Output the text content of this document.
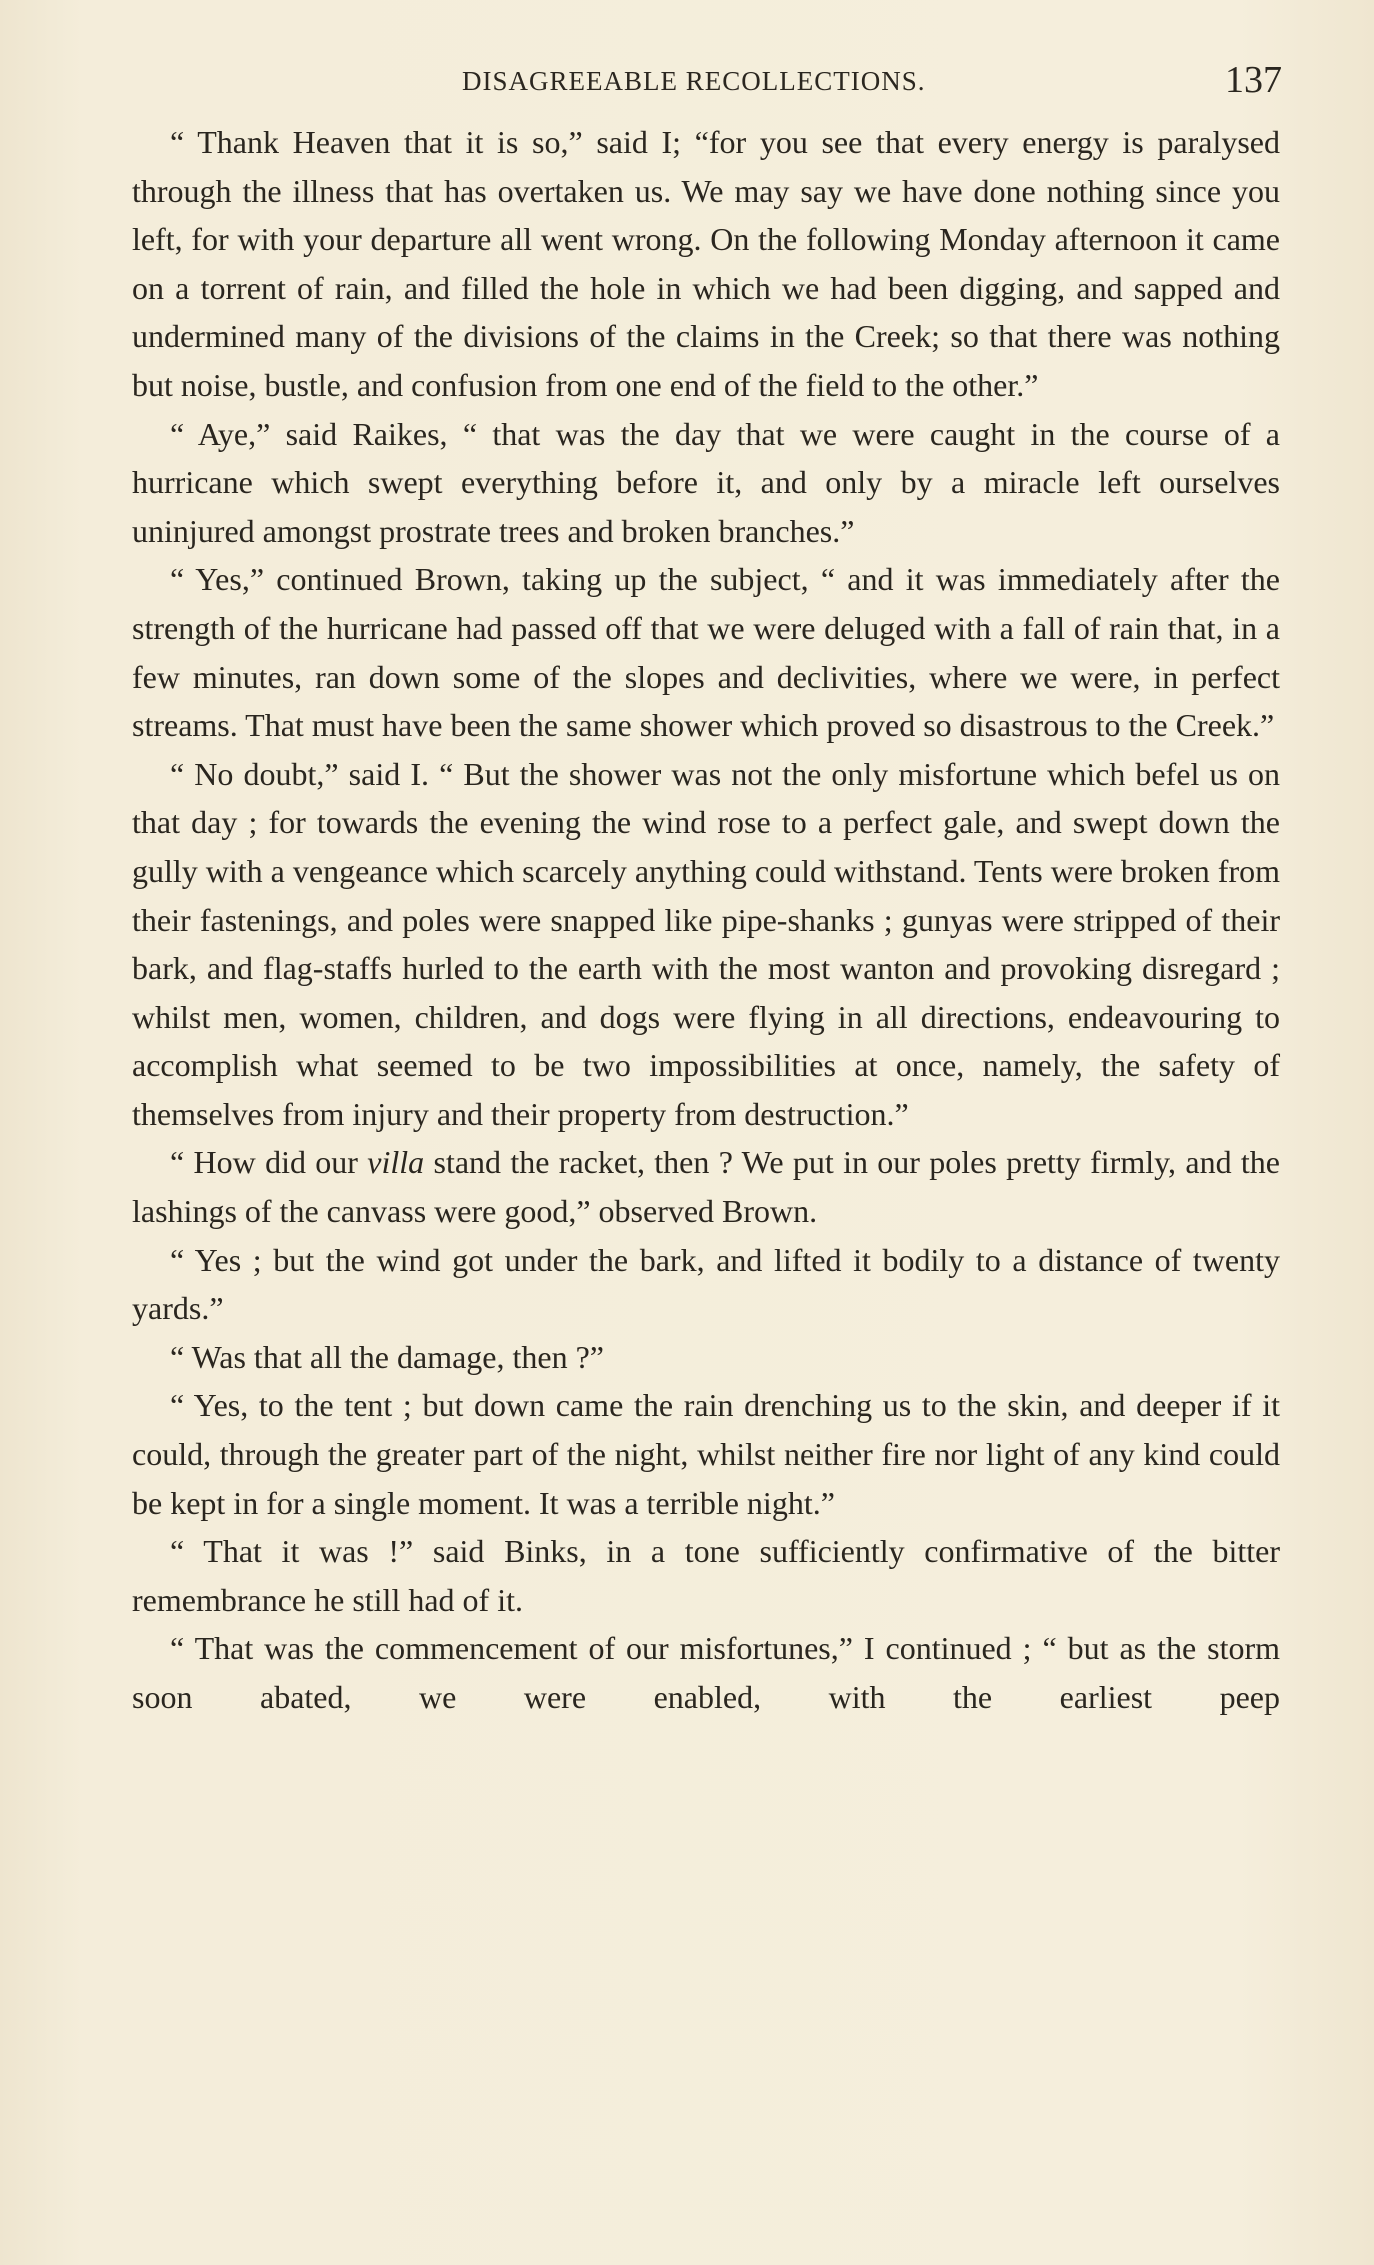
DISAGREEABLE RECOLLECTIONS.	137

“ Thank Heaven that it is so,” said I; “for you see that every energy is paralysed through the illness that has overtaken us. We may say we have done nothing since you left, for with your departure all went wrong. On the following Monday afternoon it came on a torrent of rain, and filled the hole in which we had been digging, and sapped and undermined many of the divisions of the claims in the Creek; so that there was nothing but noise, bustle, and confusion from one end of the field to the other.”

“ Aye,” said Raikes, “ that was the day that we were caught in the course of a hurricane which swept everything before it, and only by a miracle left ourselves uninjured amongst prostrate trees and broken branches.”

“ Yes,” continued Brown, taking up the subject, “ and it was immediately after the strength of the hurricane had passed off that we were deluged with a fall of rain that, in a few minutes, ran down some of the slopes and declivities, where we were, in perfect streams. That must have been the same shower which proved so disastrous to the Creek.”

“ No doubt,” said I. “ But the shower was not the only misfortune which befel us on that day ; for towards the evening the wind rose to a perfect gale, and swept down the gully with a vengeance which scarcely anything could withstand. Tents were broken from their fastenings, and poles were snapped like pipe-shanks ; gunyas were stripped of their bark, and flag-staffs hurled to the earth with the most wanton and provoking disregard ; whilst men, women, children, and dogs were flying in all directions, endeavouring to accomplish what seemed to be two impossibilities at once, namely, the safety of themselves from injury and their property from destruction.”

“ How did our villa stand the racket, then ? We put in our poles pretty firmly, and the lashings of the canvass were good,” observed Brown.

“ Yes ; but the wind got under the bark, and lifted it bodily to a distance of twenty yards.”

“ Was that all the damage, then ?”

“ Yes, to the tent ; but down came the rain drenching us to the skin, and deeper if it could, through the greater part of the night, whilst neither fire nor light of any kind could be kept in for a single moment. It was a terrible night.”

“ That it was !” said Binks, in a tone sufficiently confirmative of the bitter remembrance he still had of it.

“ That was the commencement of our misfortunes,” I continued ; “ but as the storm soon abated, we were enabled, with the earliest peep
